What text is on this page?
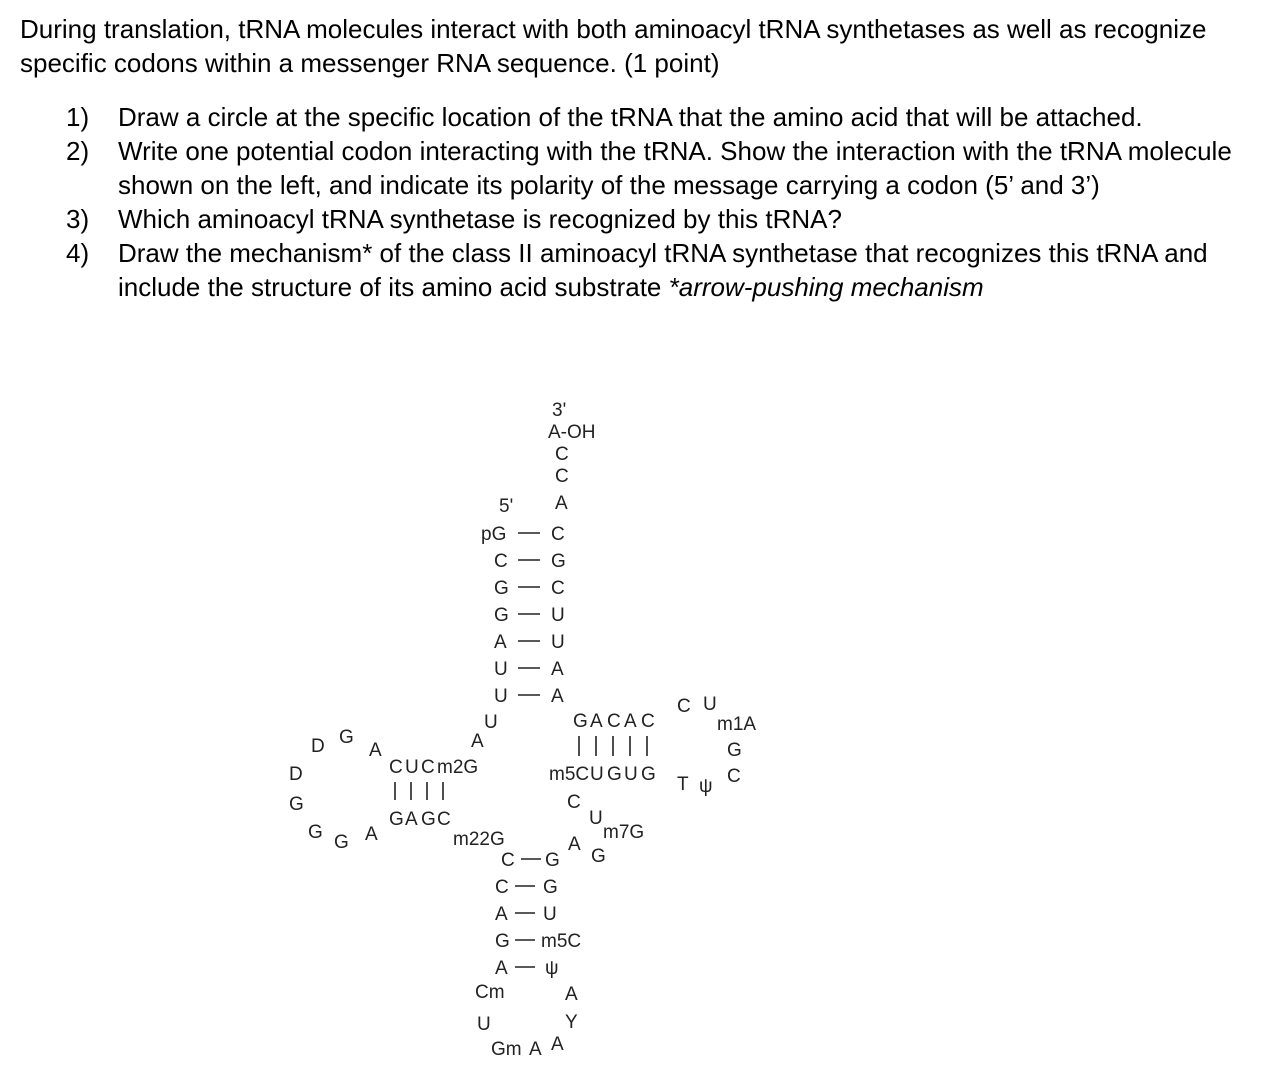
During translation, tRNA molecules interact with both aminoacyl tRNA synthetases as well as recognize specific codons within a messenger RNA sequence. (1 point)

1) Draw a circle at the specific location of the tRNA that the amino acid that will be attached.
2) Write one potential codon interacting with the tRNA. Show the interaction with the tRNA molecule shown on the left, and indicate its polarity of the message carrying a codon (5’ and 3’)
3) Which aminoacyl tRNA synthetase is recognized by this tRNA?
4) Draw the mechanism* of the class II aminoacyl tRNA synthetase that recognizes this tRNA and include the structure of its amino acid substrate *arrow-pushing mechanism
3'
A-OH
C
C
A
5'
pG
C
G
G
A
U
U
C
G
C
U
U
A
A
U
A
C U C m2G
G A G C
m22G
A
G
D
D
G
G G A
G A C A C
m5C U G U G
C U
m1A
G
C
T ψ
C
U
m7G
G
A
C
C
A
G
A
G
G
U
m5C
ψ
Cm
U
Gm A A
Y
A
